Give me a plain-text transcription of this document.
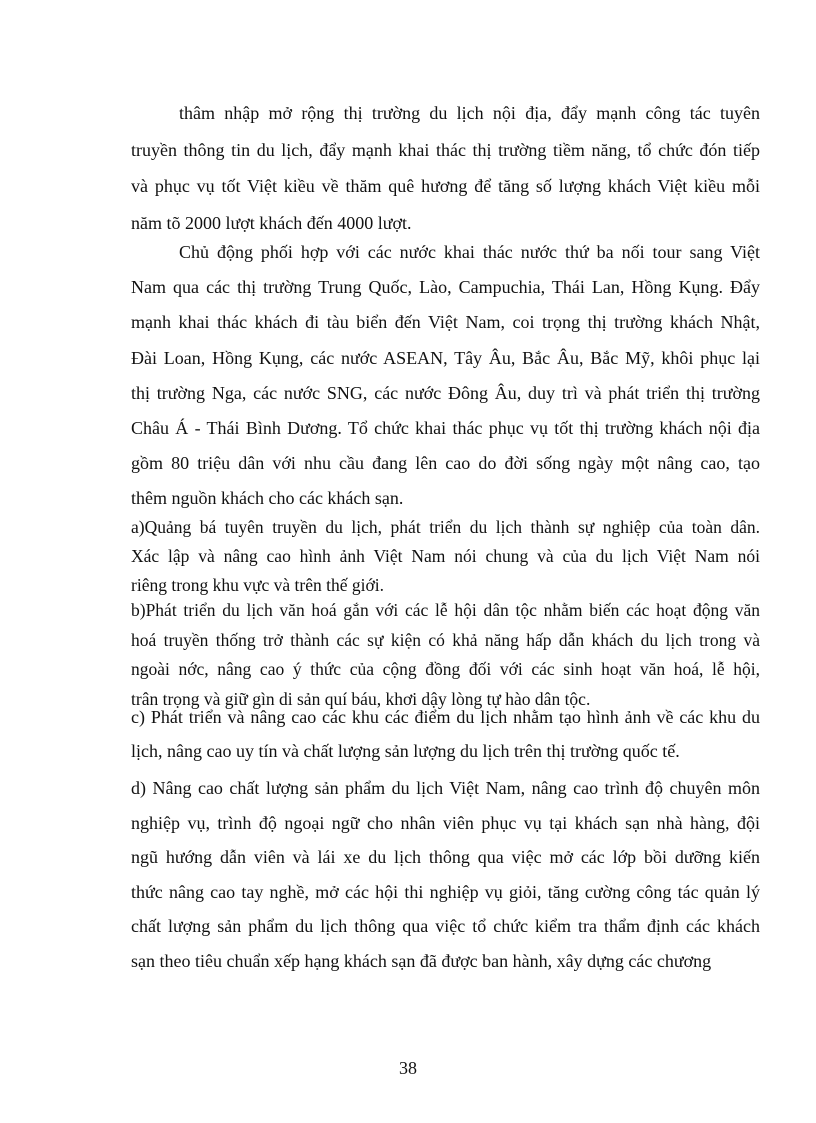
thâm nhập mở rộng thị trường du lịch nội địa, đẩy mạnh công tác tuyên
truyền thông tin du lịch, đẩy mạnh khai thác thị trường tiềm năng, tổ chức đón tiếp
và phục vụ tốt Việt kiều về thăm quê hương để tăng số lượng khách Việt kiều mỗi
năm tõ 2000 lượt khách đến 4000 lượt.

Chủ động phối hợp với các nước khai thác nước thứ ba nối tour sang Việt
Nam qua các thị trường Trung Quốc, Lào, Campuchia, Thái Lan, Hồng Kụng. Đẩy
mạnh khai thác khách đi tàu biển đến Việt Nam, coi trọng thị trường khách Nhật,
Đài Loan, Hồng Kụng, các nước ASEAN, Tây Âu, Bắc Âu, Bắc Mỹ, khôi phục lại
thị trường Nga, các nước SNG, các nước Đông Âu, duy trì và phát triển thị trường
Châu Á - Thái Bình Dương. Tổ chức khai thác phục vụ tốt thị trường khách nội địa
gồm 80 triệu dân với nhu cầu đang lên cao do đời sống ngày một nâng cao, tạo
thêm nguồn khách cho các khách sạn.

a)Quảng bá tuyên truyền du lịch, phát triển du lịch thành sự nghiệp của toàn dân.
Xác lập và nâng cao hình ảnh Việt Nam nói chung và của du lịch Việt Nam nói
riêng trong khu vực và trên thế giới.

b)Phát triển du lịch văn hoá gắn với các lễ hội dân tộc nhằm biến các hoạt động văn
hoá truyền thống trở thành các sự kiện có khả năng hấp dẫn khách du lịch trong và
ngoài nớc, nâng cao ý thức của cộng đồng đối với các sinh hoạt văn hoá, lễ hội,
trân trọng và giữ gìn di sản quí báu, khơi dậy lòng tự hào dân tộc.

c) Phát triển và nâng cao các khu các điểm du lịch nhằm tạo hình ảnh về các khu du
lịch, nâng cao uy tín và chất lượng sản lượng du lịch trên thị trường quốc tế.

d) Nâng cao chất lượng sản phẩm du lịch Việt Nam, nâng cao trình độ chuyên môn
nghiệp vụ, trình độ ngoại ngữ cho nhân viên phục vụ tại khách sạn nhà hàng, đội
ngũ hướng dẫn viên và lái xe du lịch thông qua việc mở các lớp bồi dưỡng kiến
thức nâng cao tay nghề, mở các hội thi nghiệp vụ giỏi, tăng cường công tác quản lý
chất lượng sản phẩm du lịch thông qua việc tổ chức kiểm tra thẩm định các khách
sạn theo tiêu chuẩn xếp hạng khách sạn đã được ban hành, xây dựng các chương

38
